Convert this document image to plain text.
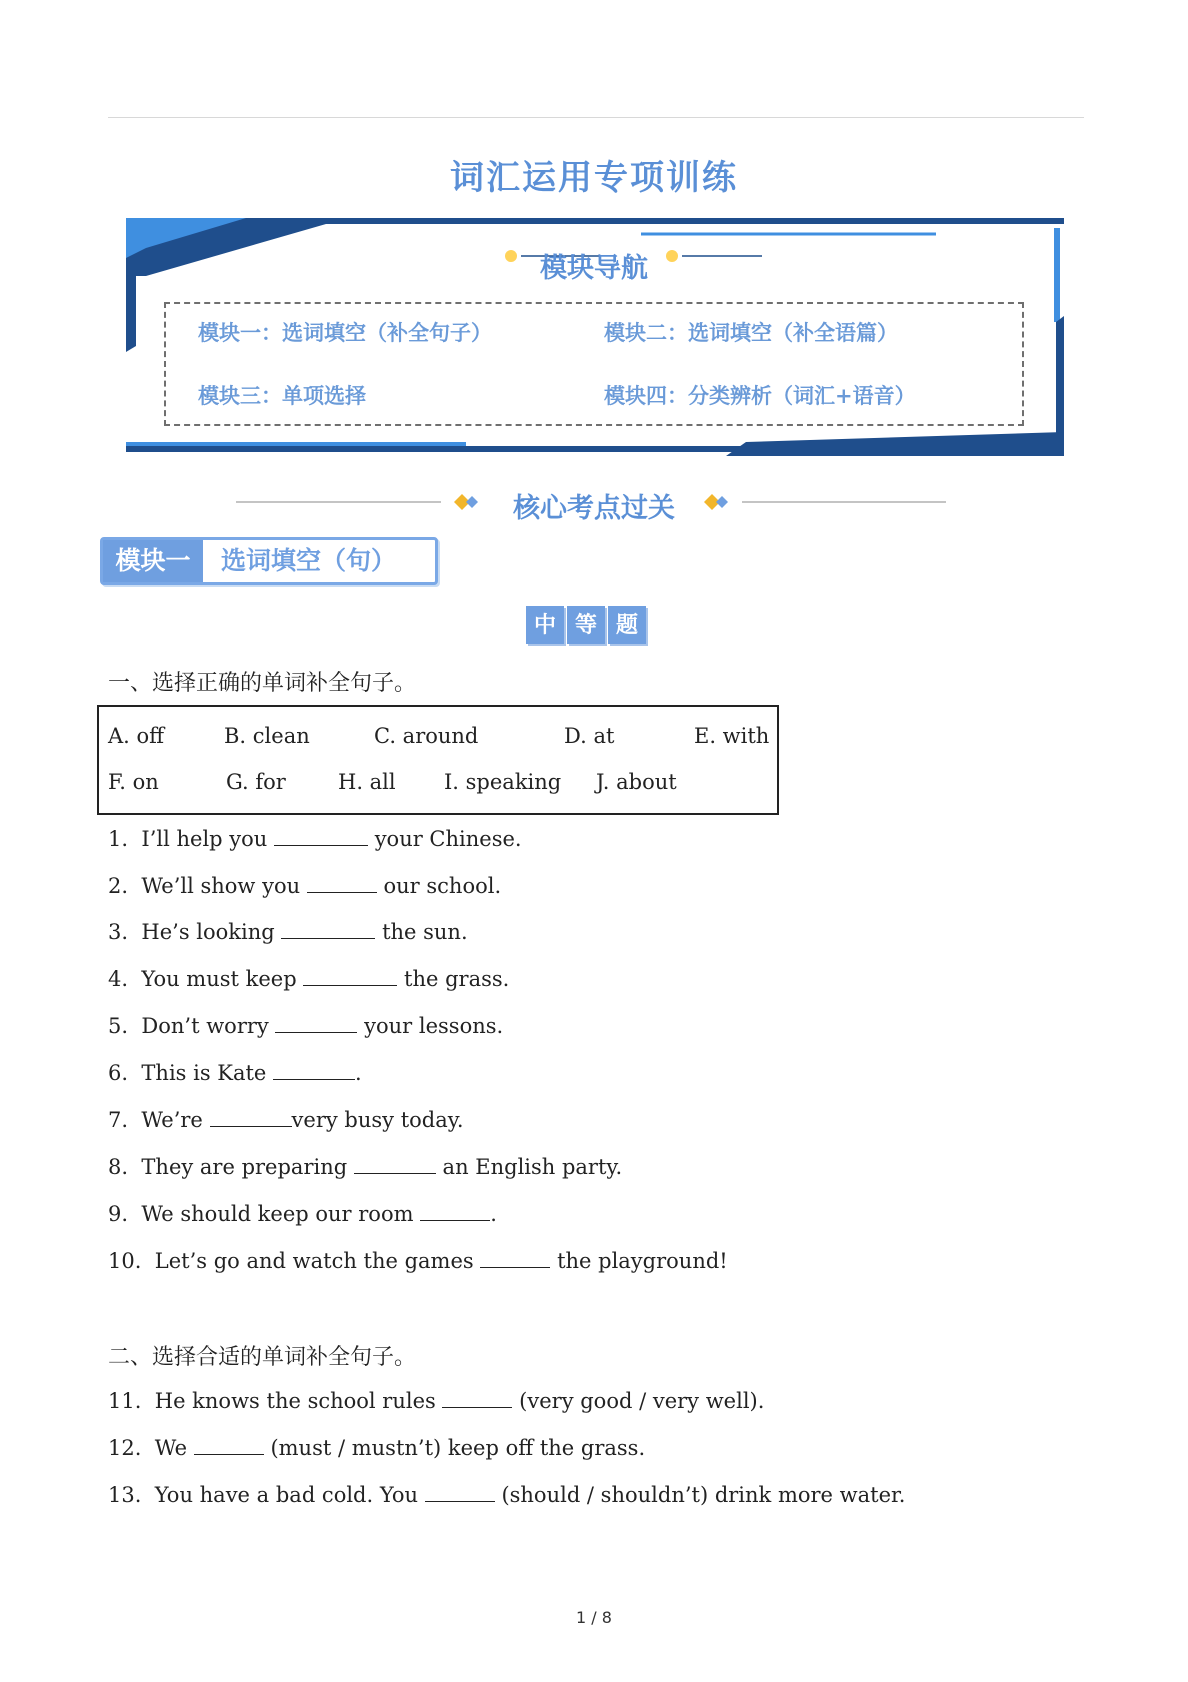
词汇运用专项训练
模块导航
模块一：选词填空（补全句子）	模块二：选词填空（补全语篇）
模块三：单项选择	模块四：分类辨析（词汇+语音）
核心考点过关
模块一	选词填空（句）
中 等 题
一、选择正确的单词补全句子。
A. off	B. clean	C. around	D. at	E. with
F. on	G. for H. all I. speaking J. about
1. I’ll help you	your Chinese.
2. We’ll show you	our school.
3. He’s looking	the sun.
4. You must keep	the grass.
5. Don’t worry	your lessons.
6. This is Kate	.
7. We’re	very busy today.
8. They are preparing	an English party.
9. We should keep our room	.
10. Let’s go and watch the games	the playground!
二、选择合适的单词补全句子。
11. He knows the school rules	(very good / very well).
12. We	(must / mustn’t) keep off the grass.
13. You have a bad cold. You	(should / shouldn’t) drink more water.
1 / 8
